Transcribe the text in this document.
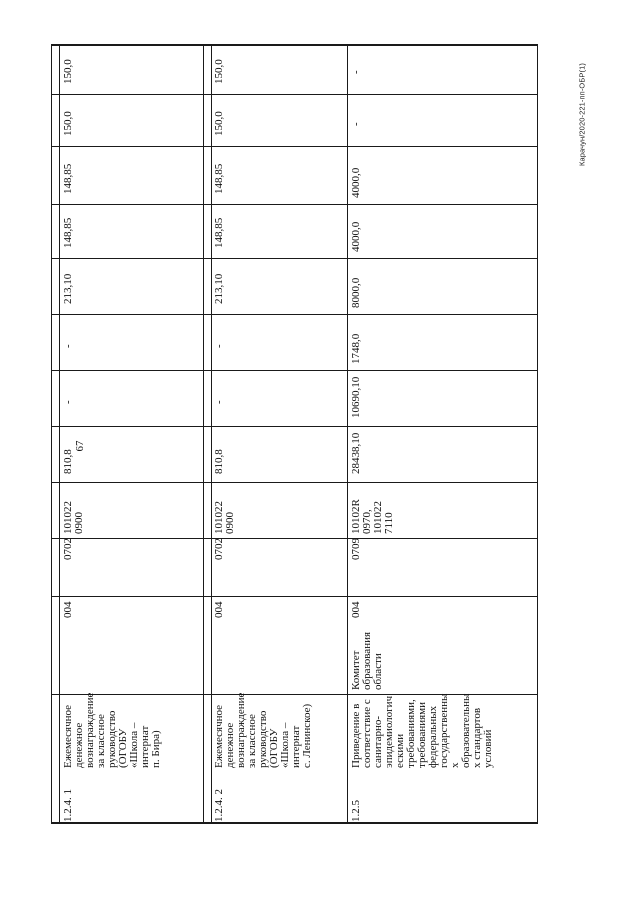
67
Карачун/2020-221-пп-ОБР(1)
1.2.4. 1
Ежемесячное
денежное
вознаграждение
за классное
руководство
(ОГОБУ
«Школа –
интернат
п. Бира)
004
0702
101022
0900
810,8
-
-
213,10
148,85
148,85
150,0
150,0
1.2.4. 2
Ежемесячное
денежное
вознаграждение
за классное
руководство
(ОГОБУ
«Школа –
интернат
с. Ленинское)
004
0702
101022
0900
810,8
-
-
213,10
148,85
148,85
150,0
150,0
1.2.5
Приведение в
соответствие с
санитарно-
эпидемиологич
ескими
требованиями,
требованиями
федеральных
государственны
х
образовательны
х стандартов
условий
Комитет
образования
области
004
0709
10102R
0970,
101022
7110
28438,10
10690,10
1748,0
8000,0
4000,0
4000,0
-
-
